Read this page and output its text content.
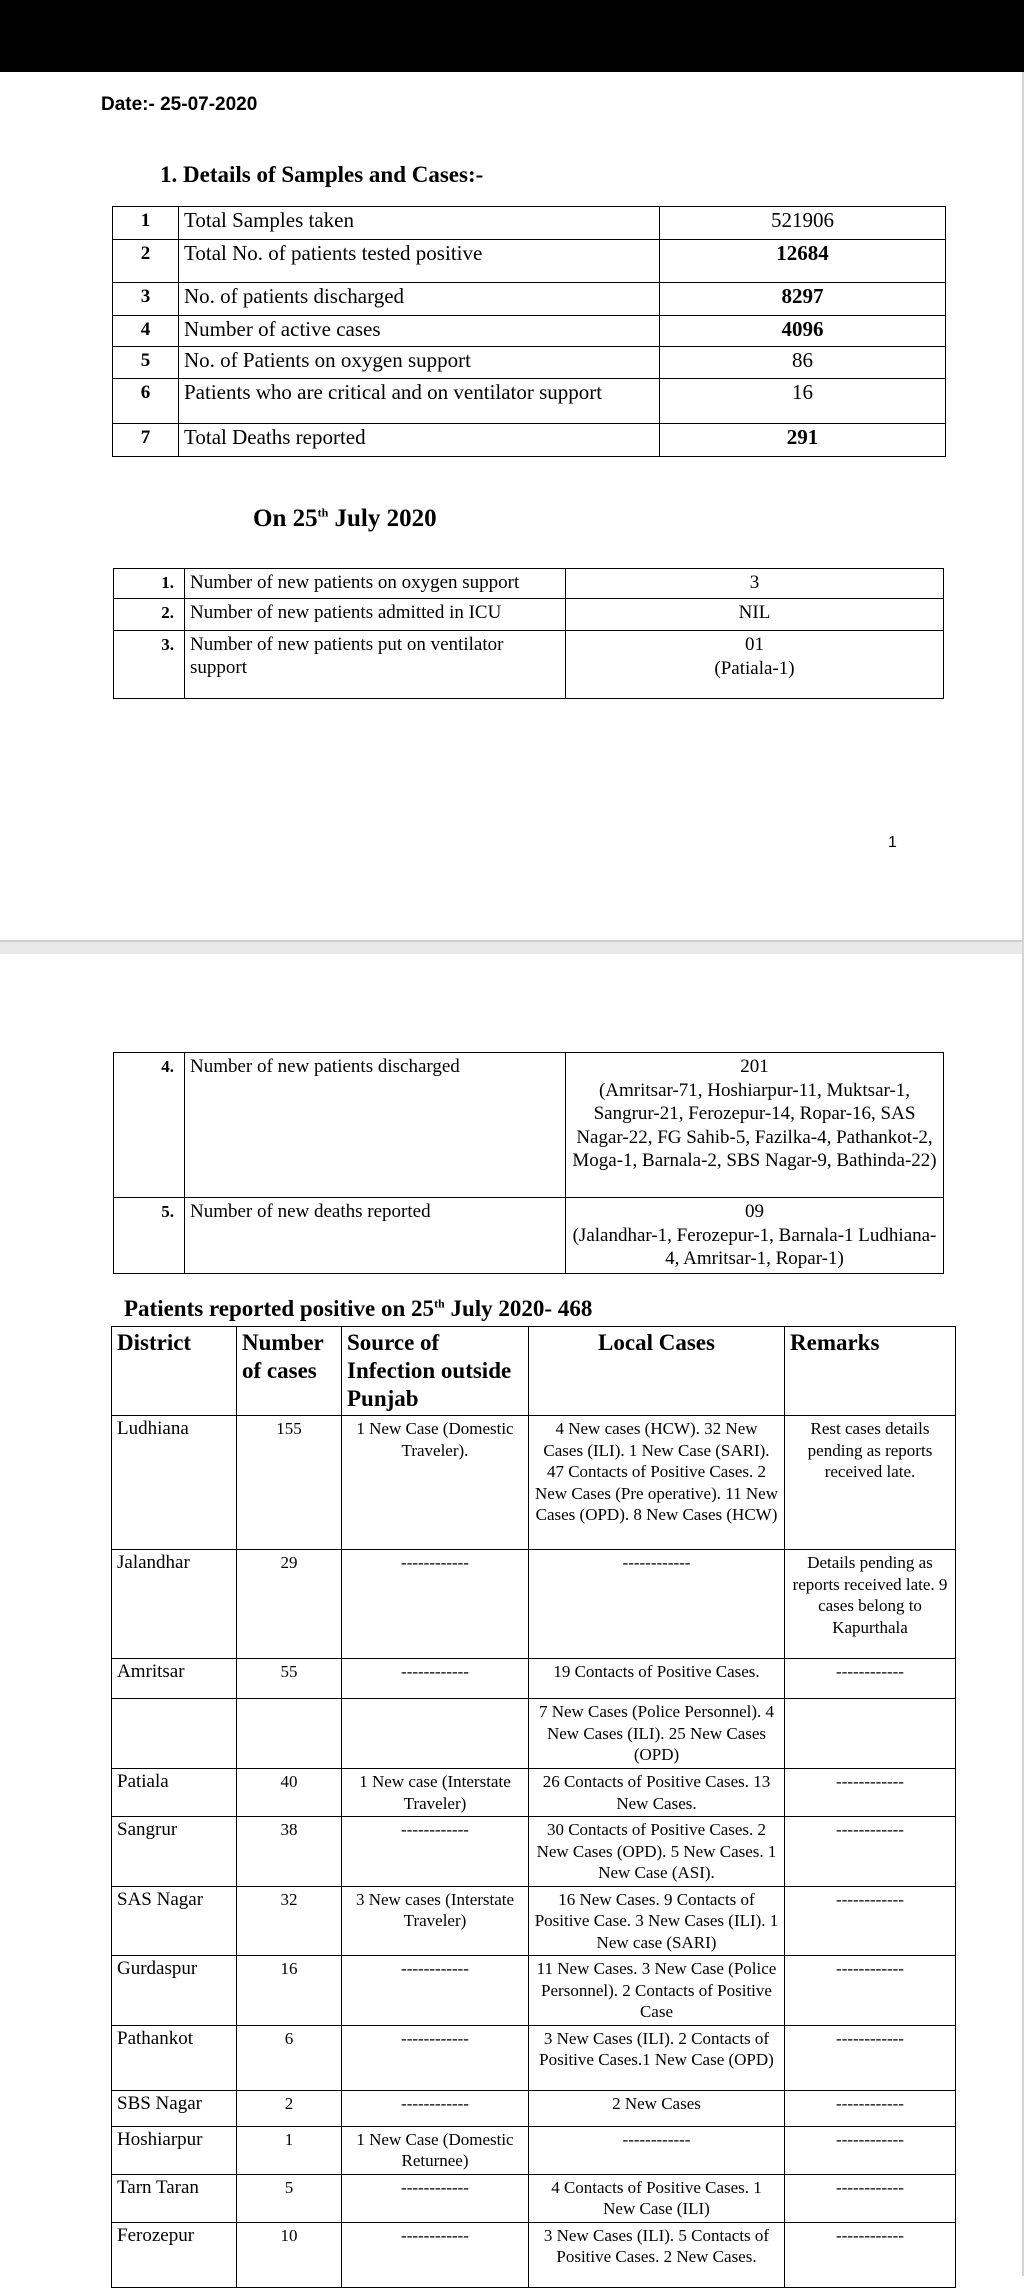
Date:- 25-07-2020
1. Details of Samples and Cases:-
1	Total Samples taken	521906
2	Total No. of patients tested positive	12684
3	No. of patients discharged	8297
4	Number of active cases	4096
5	No. of Patients on oxygen support	86
6	Patients who are critical and on ventilator support	16
7	Total Deaths reported	291
On 25th July 2020
1.	Number of new patients on oxygen support	3

2.	Number of new patients admitted in ICU	NIL

3.	Number of new patients put on ventilator support	01
(Patiala-1)
1
4.	Number of new patients discharged	201
(Amritsar-71, Hoshiarpur-11, Muktsar-1, Sangrur-21, Ferozepur-14, Ropar-16, SAS Nagar-22, FG Sahib-5, Fazilka-4, Pathankot-2, Moga-1, Barnala-2, SBS Nagar-9, Bathinda-22)

5.	Number of new deaths reported	09
(Jalandhar-1, Ferozepur-1, Barnala-1 Ludhiana-4, Amritsar-1, Ropar-1)
Patients reported positive on 25th July 2020- 468
District	Number of cases	Source of Infection outside Punjab	Local Cases	Remarks
Ludhiana	155	1 New Case (Domestic Traveler).	4 New cases (HCW). 32 New Cases (ILI). 1 New Case (SARI). 47 Contacts of Positive Cases. 2 New Cases (Pre operative). 11 New Cases (OPD). 8 New Cases (HCW)	Rest cases details pending as reports received late.
Jalandhar	29	------------	------------	Details pending as reports received late. 9 cases belong to Kapurthala
Amritsar	55	------------	19 Contacts of Positive Cases.	------------
			7 New Cases (Police Personnel). 4 New Cases (ILI). 25 New Cases (OPD)	
Patiala	40	1 New case (Interstate Traveler)	26 Contacts of Positive Cases. 13 New Cases.	------------
Sangrur	38	------------	30 Contacts of Positive Cases. 2 New Cases (OPD). 5 New Cases. 1 New Case (ASI).	------------
SAS Nagar	32	3 New cases (Interstate Traveler)	16 New Cases. 9 Contacts of Positive Case. 3 New Cases (ILI). 1 New case (SARI)	------------
Gurdaspur	16	------------	11 New Cases. 3 New Case (Police Personnel). 2 Contacts of Positive Case	------------
Pathankot	6	------------	3 New Cases (ILI). 2 Contacts of Positive Cases.1 New Case (OPD)	------------
SBS Nagar	2	------------	2 New Cases	------------
Hoshiarpur	1	1 New Case (Domestic Returnee)	------------	------------
Tarn Taran	5	------------	4 Contacts of Positive Cases. 1 New Case (ILI)	------------
Ferozepur	10	------------	3 New Cases (ILI). 5 Contacts of Positive Cases. 2 New Cases.	------------
